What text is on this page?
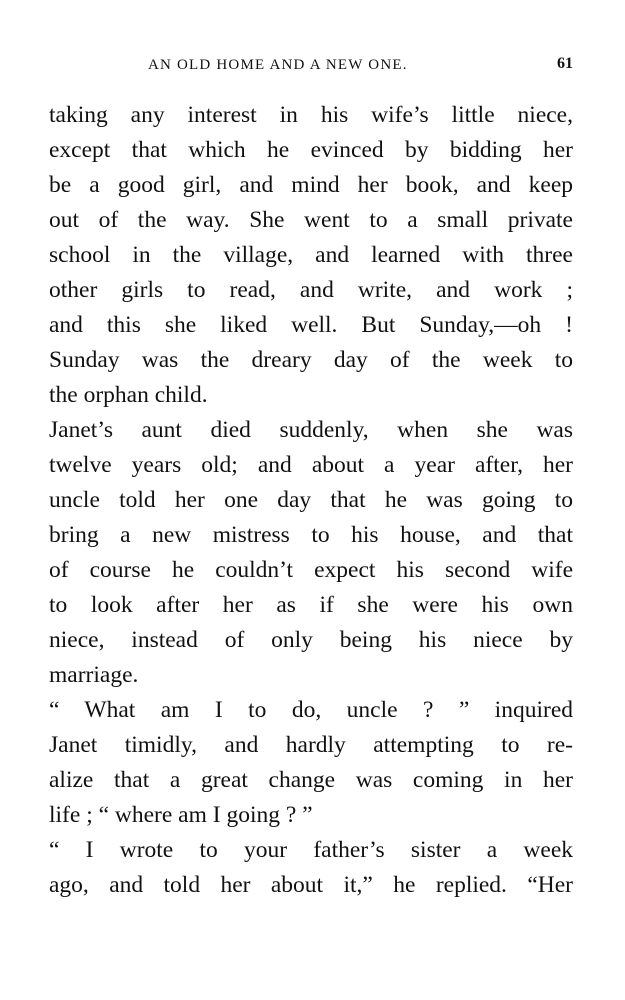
AN OLD HOME AND A NEW ONE.	61
taking any interest in his wife’s little niece,
except that which he evinced by bidding her
be a good girl, and mind her book, and keep
out of the way. She went to a small private
school in the village, and learned with three
other girls to read, and write, and work ;
and this she liked well. But Sunday,—oh !
Sunday was the dreary day of the week to
the orphan child.
Janet’s aunt died suddenly, when she was
twelve years old; and about a year after, her
uncle told her one day that he was going to
bring a new mistress to his house, and that
of course he couldn’t expect his second wife
to look after her as if she were his own
niece, instead of only being his niece by
marriage.
“ What am I to do, uncle ? ” inquired
Janet timidly, and hardly attempting to re-
alize that a great change was coming in her
life ; “ where am I going ? ”
“ I wrote to your father’s sister a week
ago, and told her about it,” he replied. “Her
